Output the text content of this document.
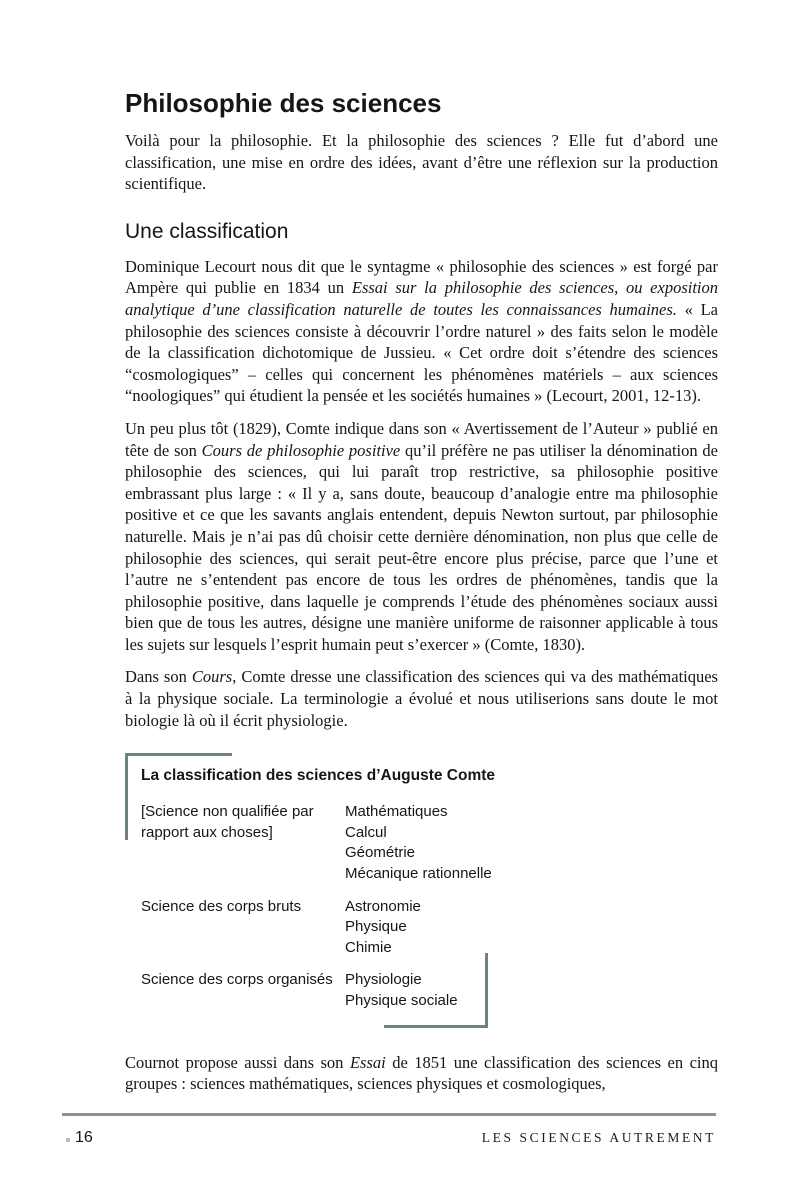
Philosophie des sciences

Voilà pour la philosophie. Et la philosophie des sciences ? Elle fut d’abord une classification, une mise en ordre des idées, avant d’être une réflexion sur la production scientifique.

Une classification

Dominique Lecourt nous dit que le syntagme « philosophie des sciences » est forgé par Ampère qui publie en 1834 un Essai sur la philosophie des sciences, ou exposition analytique d’une classification naturelle de toutes les connaissances humaines. « La philosophie des sciences consiste à découvrir l’ordre naturel » des faits selon le modèle de la classification dichotomique de Jussieu. « Cet ordre doit s’étendre des sciences “cosmologiques” – celles qui concernent les phénomènes matériels – aux sciences “noologiques” qui étudient la pensée et les sociétés humaines » (Lecourt, 2001, 12-13).

Un peu plus tôt (1829), Comte indique dans son « Avertissement de l’Auteur » publié en tête de son Cours de philosophie positive qu’il préfère ne pas utiliser la dénomination de philosophie des sciences, qui lui paraît trop restrictive, sa philosophie positive embrassant plus large : « Il y a, sans doute, beaucoup d’analogie entre ma philosophie positive et ce que les savants anglais entendent, depuis Newton surtout, par philosophie naturelle. Mais je n’ai pas dû choisir cette dernière dénomination, non plus que celle de philosophie des sciences, qui serait peut-être encore plus précise, parce que l’une et l’autre ne s’entendent pas encore de tous les ordres de phénomènes, tandis que la philosophie positive, dans laquelle je comprends l’étude des phénomènes sociaux aussi bien que de tous les autres, désigne une manière uniforme de raisonner applicable à tous les sujets sur lesquels l’esprit humain peut s’exercer » (Comte, 1830).

Dans son Cours, Comte dresse une classification des sciences qui va des mathématiques à la physique sociale. La terminologie a évolué et nous utiliserions sans doute le mot biologie là où il écrit physiologie.

La classification des sciences d’Auguste Comte
[Science non qualifiée par rapport aux choses]
Mathématiques
Calcul
Géométrie
Mécanique rationnelle
Science des corps bruts	Astronomie
Physique
Chimie
Science des corps organisés Physiologie
Physique sociale

Cournot propose aussi dans son Essai de 1851 une classification des sciences en cinq groupes : sciences mathématiques, sciences physiques et cosmologiques,

16	LES SCIENCES AUTREMENT
